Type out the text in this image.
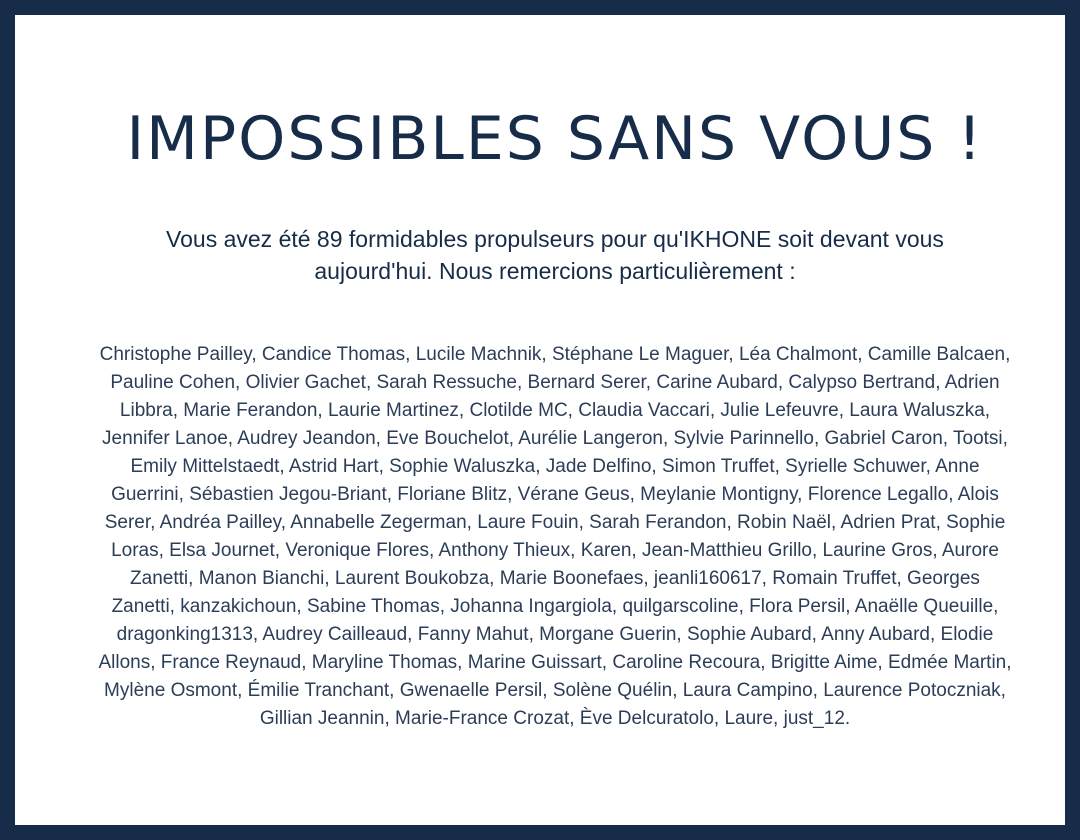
IMPOSSIBLES SANS VOUS !

Vous avez été 89 formidables propulseurs pour qu'IKHONE soit devant vous aujourd'hui. Nous remercions particulièrement :

Christophe Pailley, Candice Thomas, Lucile Machnik, Stéphane Le Maguer, Léa Chalmont, Camille Balcaen, Pauline Cohen, Olivier Gachet, Sarah Ressuche, Bernard Serer, Carine Aubard, Calypso Bertrand, Adrien Libbra, Marie Ferandon, Laurie Martinez, Clotilde MC, Claudia Vaccari, Julie Lefeuvre, Laura Waluszka, Jennifer Lanoe, Audrey Jeandon, Eve Bouchelot, Aurélie Langeron, Sylvie Parinnello, Gabriel Caron, Tootsi, Emily Mittelstaedt, Astrid Hart, Sophie Waluszka, Jade Delfino, Simon Truffet, Syrielle Schuwer, Anne Guerrini, Sébastien Jegou-Briant, Floriane Blitz, Vérane Geus, Meylanie Montigny, Florence Legallo, Alois Serer, Andréa Pailley, Annabelle Zegerman, Laure Fouin, Sarah Ferandon, Robin Naël, Adrien Prat, Sophie Loras, Elsa Journet, Veronique Flores, Anthony Thieux, Karen, Jean-Matthieu Grillo, Laurine Gros, Aurore Zanetti, Manon Bianchi, Laurent Boukobza, Marie Boonefaes, jeanli160617, Romain Truffet, Georges Zanetti, kanzakichoun, Sabine Thomas, Johanna Ingargiola, quilgarscoline, Flora Persil, Anaëlle Queuille, dragonking1313, Audrey Cailleaud, Fanny Mahut, Morgane Guerin, Sophie Aubard, Anny Aubard, Elodie Allons, France Reynaud, Maryline Thomas, Marine Guissart, Caroline Recoura, Brigitte Aime, Edmée Martin, Mylène Osmont, Émilie Tranchant, Gwenaelle Persil, Solène Quélin, Laura Campino, Laurence Potoczniak, Gillian Jeannin, Marie-France Crozat, Ève Delcuratolo, Laure, just_12.
